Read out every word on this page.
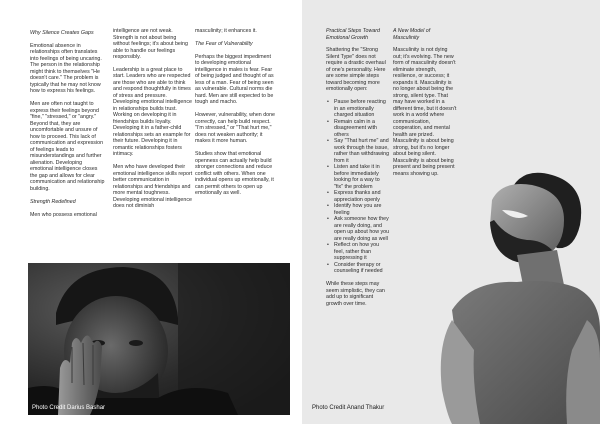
Why Silence Creates Gaps

Emotional absence in relationships often translates into feelings of being uncaring. The person in the relationship might think to themselves "He doesn't care." The problem is typically that he may not know how to express his feelings.

Men are often not taught to express their feelings beyond "fine," "stressed," or "angry." Beyond that, they are uncomfortable and unsure of how to proceed. This lack of communication and expression of feelings leads to misunderstandings and further alienation. Developing emotional intelligence closes the gap and allows for clear communication and relationship building.

Strength Redefined

Men who possess emotional

intelligence are not weak. Strength is not about being without feelings; it's about being able to handle our feelings responsibly.

Leadership is a great place to start. Leaders who are respected are those who are able to think and respond thoughtfully in times of stress and pressure. Developing emotional intelligence in relationships builds trust. Working on developing it in friendships builds loyalty. Developing it in a father-child relationships sets an example for their future. Developing it in romantic relationships fosters intimacy.

Men who have developed their emotional intelligence skills report better communication in relationships and friendships and more mental toughness. Developing emotional intelligence does not diminish

masculinity; it enhances it.

The Fear of Vulnerability

Perhaps the biggest impediment to developing emotional intelligence in males is fear. Fear of being judged and thought of as less of a man. Fear of being seen as vulnerable. Cultural norms die hard. Men are still expected to be tough and macho.

However, vulnerability, when done correctly, can help build respect. "I'm stressed," or "That hurt me," does not weaken authority; it makes it more human.

Studies show that emotional openness can actually help build stronger connections and reduce conflict with others. When one individual opens up emotionally, it can permit others to open up emotionally as well.

Photo Credit Darius Bashar

Practical Steps Toward Emotional Growth

Shattering the "Strong Silent Type" does not require a drastic overhaul of one's personality. Here are some simple steps toward becoming more emotionally open:

• Pause before reacting in an emotionally charged situation
• Remain calm in a disagreement with others
• Say "That hurt me" and work through the issue, rather than withdrawing from it
• Listen and take it in before immediately looking for a way to "fix" the problem
• Express thanks and appreciation openly
• Identify how you are feeling
• Ask someone how they are really doing, and open up about how you are really doing as well
• Reflect on how you feel, rather than suppressing it
• Consider therapy or counseling if needed

While these steps may seem simplistic, they can add up to significant growth over time.

A New Model of Masculinity

Masculinity is not dying out; it's evolving. The new form of masculinity doesn't eliminate strength, resilience, or success; it expands it. Masculinity is no longer about being the strong, silent type. That may have worked in a different time, but it doesn't work in a world where communication, cooperation, and mental health are prized. Masculinity is about being strong, but it's no longer about being silent. Masculinity is about being present and being present means showing up.

Photo Credit Anand Thakur
